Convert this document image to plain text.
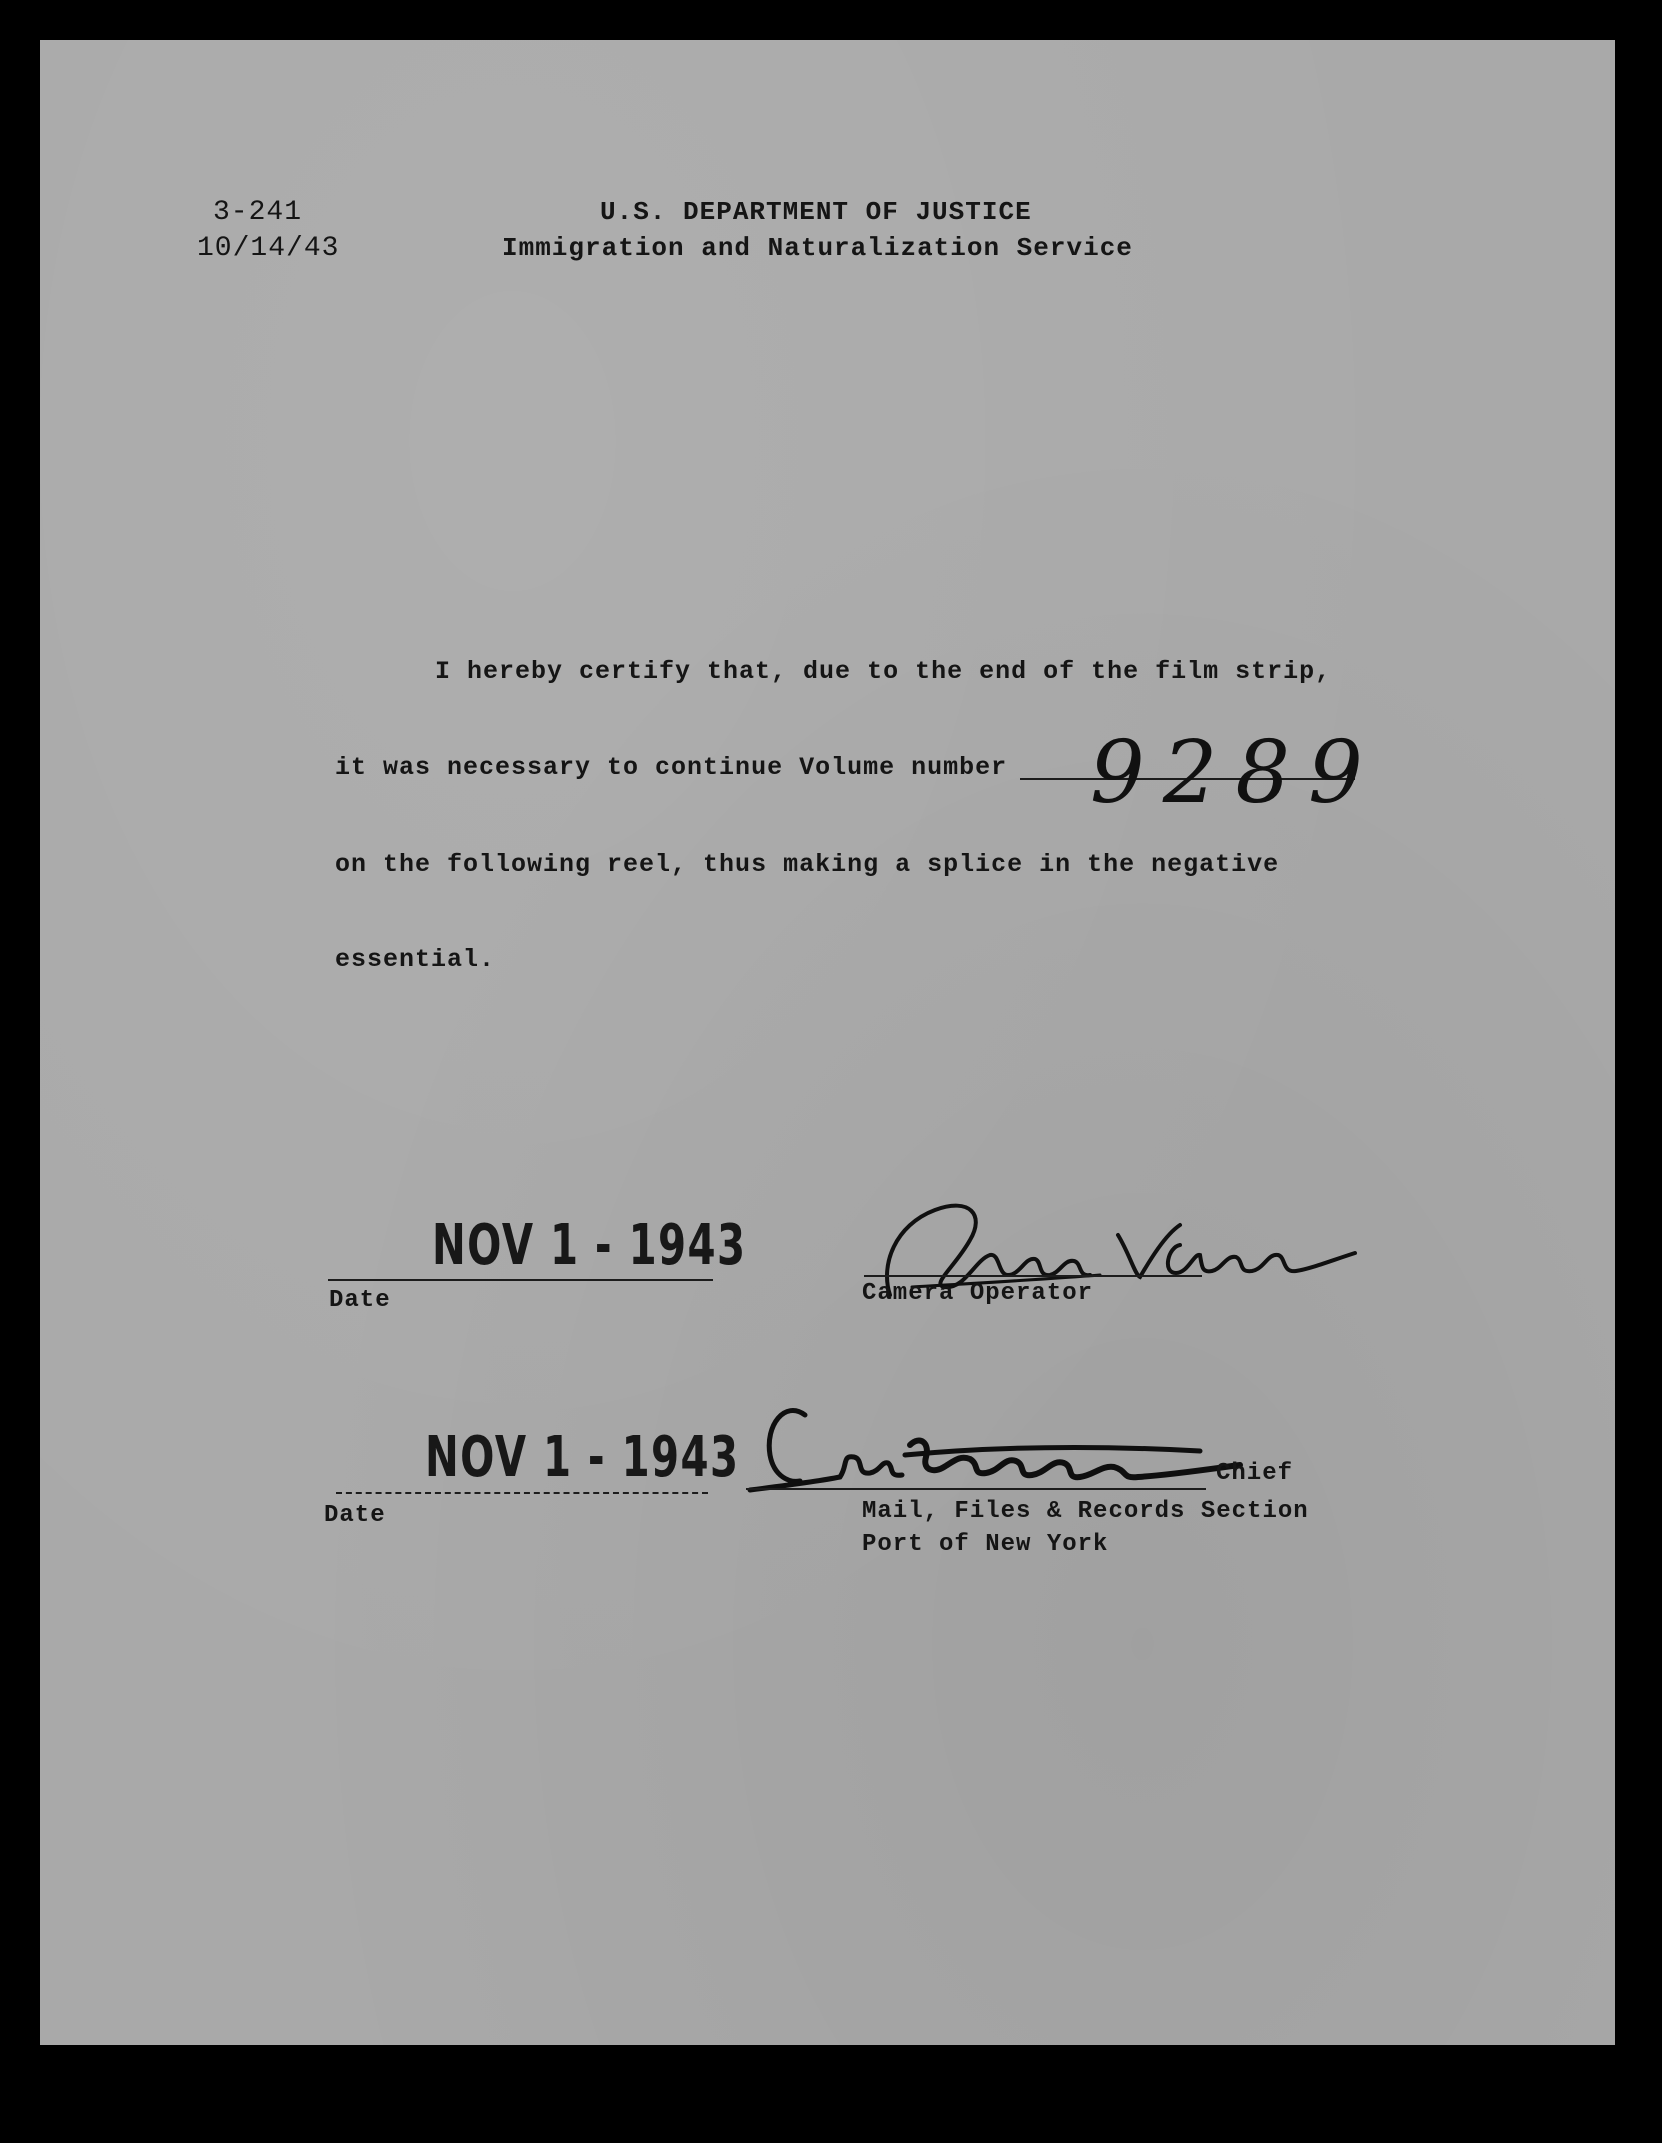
3-241
10/14/43
U.S. DEPARTMENT OF JUSTICE
Immigration and Naturalization Service
I hereby certify that, due to the end of the film strip,
it was necessary to continue Volume number 9289
on the following reel, thus making a splice in the negative
essential.
NOV 1 - 1943
Date	Camera Operator
NOV 1 - 1943
Date
Chief
Mail, Files & Records Section
Port of New York
